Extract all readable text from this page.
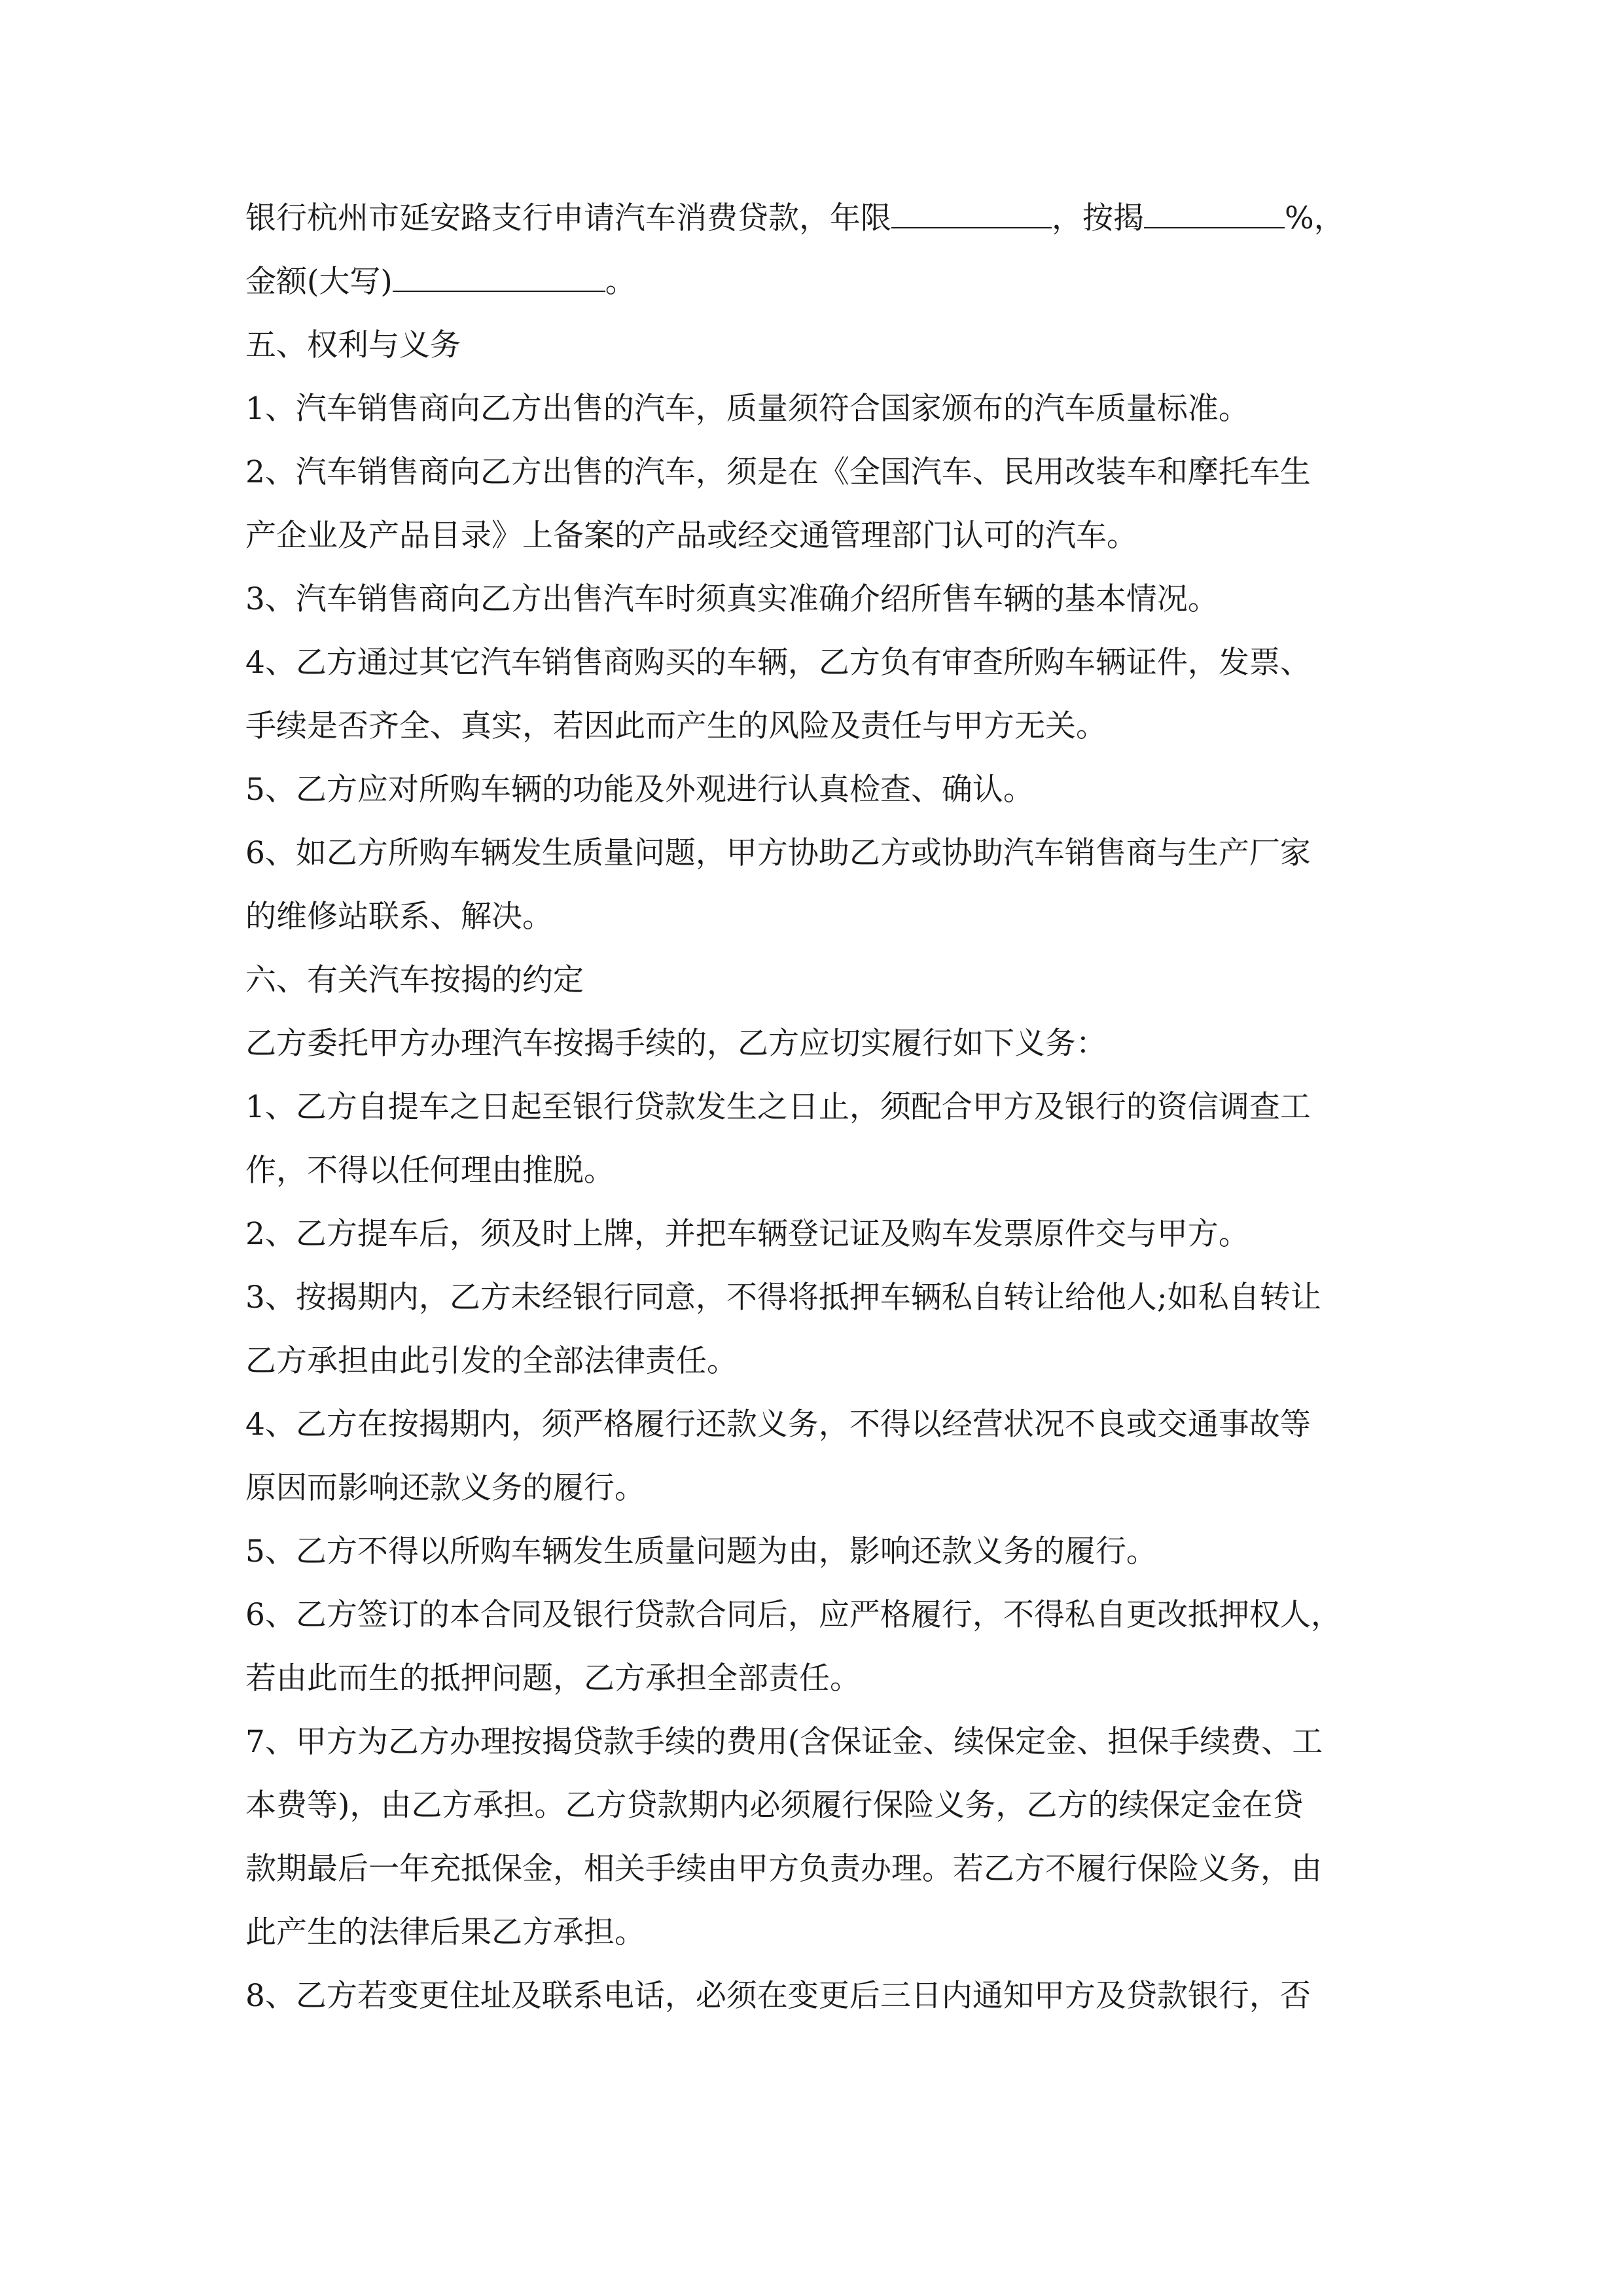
银行杭州市延安路支行申请汽车消费贷款，年限	，按揭	%，
金额(大写)	。
五、权利与义务
1、汽车销售商向乙方出售的汽车，质量须符合国家颁布的汽车质量标准。
2、汽车销售商向乙方出售的汽车，须是在《全国汽车、民用改装车和摩托车生
产企业及产品目录》上备案的产品或经交通管理部门认可的汽车。
3、汽车销售商向乙方出售汽车时须真实准确介绍所售车辆的基本情况。
4、乙方通过其它汽车销售商购买的车辆，乙方负有审查所购车辆证件，发票、
手续是否齐全、真实，若因此而产生的风险及责任与甲方无关。
5、乙方应对所购车辆的功能及外观进行认真检查、确认。
6、如乙方所购车辆发生质量问题，甲方协助乙方或协助汽车销售商与生产厂家
的维修站联系、解决。
六、有关汽车按揭的约定
乙方委托甲方办理汽车按揭手续的，乙方应切实履行如下义务：
1、乙方自提车之日起至银行贷款发生之日止，须配合甲方及银行的资信调查工
作，不得以任何理由推脱。
2、乙方提车后，须及时上牌，并把车辆登记证及购车发票原件交与甲方。
3、按揭期内，乙方未经银行同意，不得将抵押车辆私自转让给他人;如私自转让
乙方承担由此引发的全部法律责任。
4、乙方在按揭期内，须严格履行还款义务，不得以经营状况不良或交通事故等
原因而影响还款义务的履行。
5、乙方不得以所购车辆发生质量问题为由，影响还款义务的履行。
6、乙方签订的本合同及银行贷款合同后，应严格履行，不得私自更改抵押权人，
若由此而生的抵押问题，乙方承担全部责任。
7、甲方为乙方办理按揭贷款手续的费用(含保证金、续保定金、担保手续费、工
本费等)，由乙方承担。乙方贷款期内必须履行保险义务，乙方的续保定金在贷
款期最后一年充抵保金，相关手续由甲方负责办理。若乙方不履行保险义务，由
此产生的法律后果乙方承担。
8、乙方若变更住址及联系电话，必须在变更后三日内通知甲方及贷款银行，否
